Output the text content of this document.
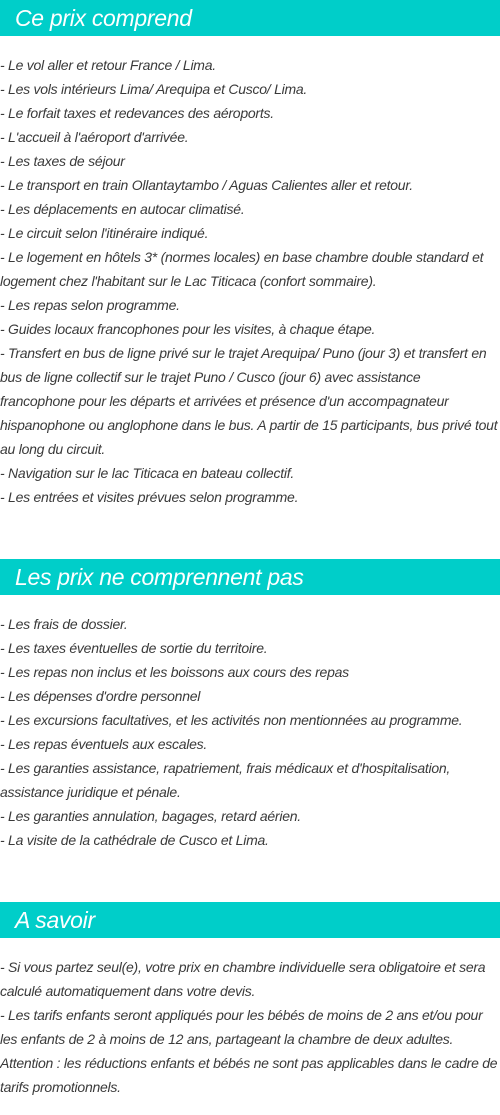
Ce prix comprend
- Le vol aller et retour France / Lima.
- Les vols intérieurs Lima/ Arequipa et Cusco/ Lima.
- Le forfait taxes et redevances des aéroports.
- L'accueil à l'aéroport d'arrivée.
- Les taxes de séjour
- Le transport en train Ollantaytambo / Aguas Calientes aller et retour.
- Les déplacements en autocar climatisé.
- Le circuit selon l'itinéraire indiqué.
- Le logement en hôtels 3* (normes locales) en base chambre double standard et logement chez l'habitant sur le Lac Titicaca (confort sommaire).
- Les repas selon programme.
- Guides locaux francophones pour les visites, à chaque étape.
- Transfert en bus de ligne privé sur le trajet Arequipa/ Puno (jour 3) et transfert en bus de ligne collectif sur le trajet Puno / Cusco (jour 6) avec assistance francophone pour les départs et arrivées et présence d'un accompagnateur hispanophone ou anglophone dans le bus. A partir de 15 participants, bus privé tout au long du circuit.
- Navigation sur le lac Titicaca en bateau collectif.
- Les entrées et visites prévues selon programme.
Les prix ne comprennent pas
- Les frais de dossier.
- Les taxes éventuelles de sortie du territoire.
- Les repas non inclus et les boissons aux cours des repas
- Les dépenses d'ordre personnel
- Les excursions facultatives, et les activités non mentionnées au programme.
- Les repas éventuels aux escales.
- Les garanties assistance, rapatriement, frais médicaux et d'hospitalisation, assistance juridique et pénale.
- Les garanties annulation, bagages, retard aérien.
- La visite de la cathédrale de Cusco et Lima.
A savoir
- Si vous partez seul(e), votre prix en chambre individuelle sera obligatoire et sera calculé automatiquement dans votre devis.
- Les tarifs enfants seront appliqués pour les bébés de moins de 2 ans et/ou pour les enfants de 2 à moins de 12 ans, partageant la chambre de deux adultes.
Attention : les réductions enfants et bébés ne sont pas applicables dans le cadre de tarifs promotionnels.
